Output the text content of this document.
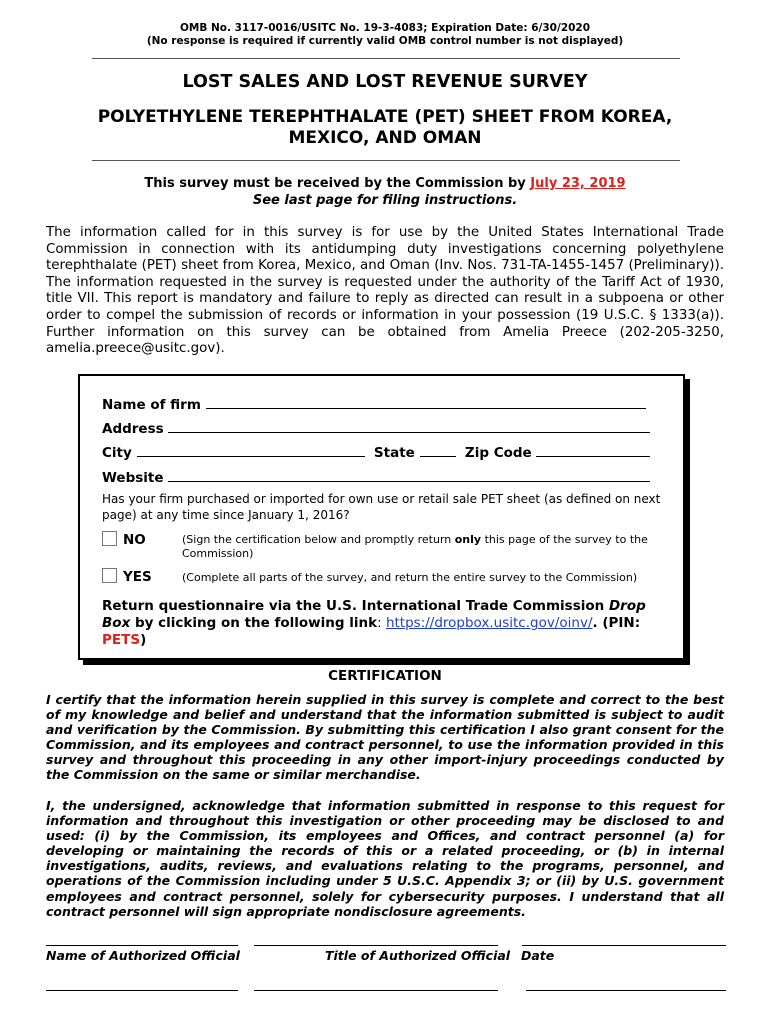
OMB No. 3117-0016/USITC No. 19-3-4083; Expiration Date: 6/30/2020
(No response is required if currently valid OMB control number is not displayed)
LOST SALES AND LOST REVENUE SURVEY
POLYETHYLENE TEREPHTHALATE (PET) SHEET FROM KOREA, MEXICO, AND OMAN
This survey must be received by the Commission by July 23, 2019
See last page for filing instructions.
The information called for in this survey is for use by the United States International Trade Commission in connection with its antidumping duty investigations concerning polyethylene terephthalate (PET) sheet from Korea, Mexico, and Oman (Inv. Nos. 731-TA-1455-1457 (Preliminary)). The information requested in the survey is requested under the authority of the Tariff Act of 1930, title VII. This report is mandatory and failure to reply as directed can result in a subpoena or other order to compel the submission of records or information in your possession (19 U.S.C. § 1333(a)). Further information on this survey can be obtained from Amelia Preece (202-205-3250, amelia.preece@usitc.gov).
Name of firm
Address
City	State	Zip Code
Website
Has your firm purchased or imported for own use or retail sale PET sheet (as defined on next page) at any time since January 1, 2016?
NO	(Sign the certification below and promptly return only this page of the survey to the Commission)
YES	(Complete all parts of the survey, and return the entire survey to the Commission)
Return questionnaire via the U.S. International Trade Commission Drop Box by clicking on the following link: https://dropbox.usitc.gov/oinv/. (PIN: PETS)
CERTIFICATION
I certify that the information herein supplied in this survey is complete and correct to the best of my knowledge and belief and understand that the information submitted is subject to audit and verification by the Commission. By submitting this certification I also grant consent for the Commission, and its employees and contract personnel, to use the information provided in this survey and throughout this proceeding in any other import-injury proceedings conducted by the Commission on the same or similar merchandise.
I, the undersigned, acknowledge that information submitted in response to this request for information and throughout this investigation or other proceeding may be disclosed to and used: (i) by the Commission, its employees and Offices, and contract personnel (a) for developing or maintaining the records of this or a related proceeding, or (b) in internal investigations, audits, reviews, and evaluations relating to the programs, personnel, and operations of the Commission including under 5 U.S.C. Appendix 3; or (ii) by U.S. government employees and contract personnel, solely for cybersecurity purposes. I understand that all contract personnel will sign appropriate nondisclosure agreements.
Name of Authorized Official	Title of Authorized Official Date
